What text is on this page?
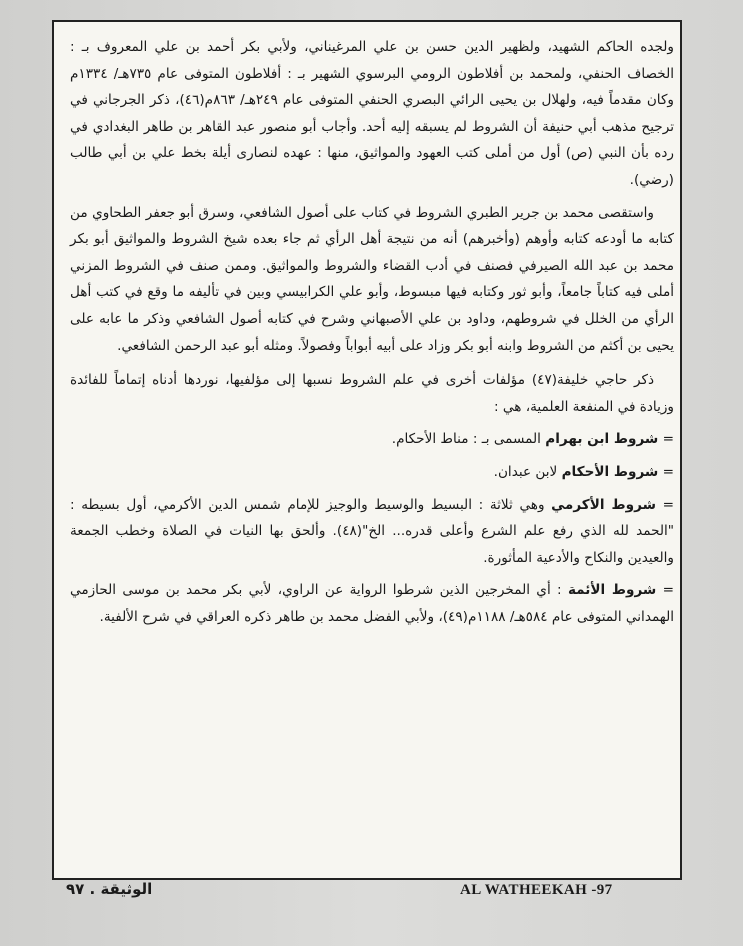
ولجده الحاكم الشهيد، ولظهير الدين حسن بن علي المرغيناني، ولأبي بكر أحمد بن علي المعروف بـ : الخصاف الحنفي، ولمحمد بن أفلاطون الرومي البرسوي الشهير بـ : أفلاطون المتوفى عام ٧٣٥هـ/ ١٣٣٤م وكان مقدماً فيه، ولهلال بن يحيى الرائي البصري الحنفي المتوفى عام ٢٤٩هـ/ ٨٦٣م(٤٦)، ذكر الجرجاني في ترجيح مذهب أبي حنيفة أن الشروط لم يسبقه إليه أحد. وأجاب أبو منصور عبد القاهر بن طاهر البغدادي في رده بأن النبي (ص) أول من أملى كتب العهود والمواثيق، منها : عهده لنصارى أيلة بخط علي بن أبي طالب (رضي).

واستقصى محمد بن جرير الطبري الشروط في كتاب على أصول الشافعي، وسرق أبو جعفر الطحاوي من كتابه ما أودعه كتابه وأوهم (وأخبرهم) أنه من نتيجة أهل الرأي ثم جاء بعده شيخ الشروط والمواثيق أبو بكر محمد بن عبد الله الصيرفي فصنف في أدب القضاء والشروط والمواثيق. وممن صنف في الشروط المزني أملى فيه كتاباً جامعاً، وأبو ثور وكتابه فيها مبسوط، وأبو علي الكرابيسي وبين في تأليفه ما وقع في كتب أهل الرأي من الخلل في شروطهم، وداود بن علي الأصبهاني وشرح في كتابه أصول الشافعي وذكر ما عابه على يحيى بن أكثم من الشروط وابنه أبو بكر وزاد على أبيه أبواباً وفصولاً. ومثله أبو عبد الرحمن الشافعي.

ذكر حاجي خليفة(٤٧) مؤلفات أخرى في علم الشروط نسبها إلى مؤلفيها، نوردها أدناه إتماماً للفائدة وزيادة في المنفعة العلمية، هي :

= شروط ابن بهرام المسمى بـ : مناط الأحكام.

= شروط الأحكام لابن عبدان.

= شروط الأكرمي وهي ثلاثة : البسيط والوسيط والوجيز للإمام شمس الدين الأكرمي، أول بسيطه : "الحمد لله الذي رفع علم الشرع وأعلى قدره... الخ"(٤٨). وألحق بها النيات في الصلاة وخطب الجمعة والعيدين والنكاح والأدعية المأثورة.

= شروط الأئمة : أي المخرجين الذين شرطوا الرواية عن الراوي، لأبي بكر محمد بن موسى الحازمي الهمداني المتوفى عام ٥٨٤هـ/ ١١٨٨م(٤٩)، ولأبي الفضل محمد بن طاهر ذكره العراقي في شرح الألفية.

الوثيقة . ٩٧	AL WATHEEKAH -97
